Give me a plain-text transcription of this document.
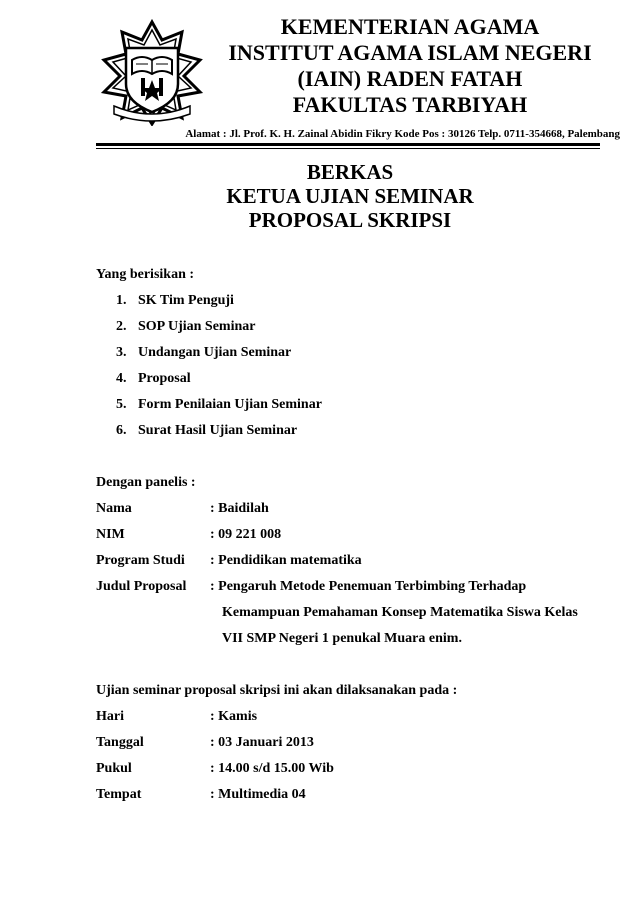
KEMENTERIAN AGAMA
INSTITUT AGAMA ISLAM NEGERI
(IAIN) RADEN FATAH
FAKULTAS TARBIYAH
Alamat : Jl. Prof. K. H. Zainal Abidin Fikry Kode Pos : 30126 Telp. 0711-354668, Palembang
BERKAS
KETUA UJIAN SEMINAR
PROPOSAL SKRIPSI
Yang berisikan :
1. SK Tim Penguji
2. SOP Ujian Seminar
3. Undangan Ujian Seminar
4. Proposal
5. Form Penilaian Ujian Seminar
6. Surat Hasil Ujian Seminar
Dengan panelis :
Nama	: Baidilah
NIM	: 09 221 008
Program Studi : Pendidikan matematika
Judul Proposal : Pengaruh Metode Penemuan Terbimbing Terhadap
Kemampuan Pemahaman Konsep Matematika Siswa Kelas
VII SMP Negeri 1 penukal Muara enim.
Ujian seminar proposal skripsi ini akan dilaksanakan pada :
Hari	: Kamis
Tanggal	: 03 Januari 2013
Pukul	: 14.00 s/d 15.00 Wib
Tempat	: Multimedia 04
